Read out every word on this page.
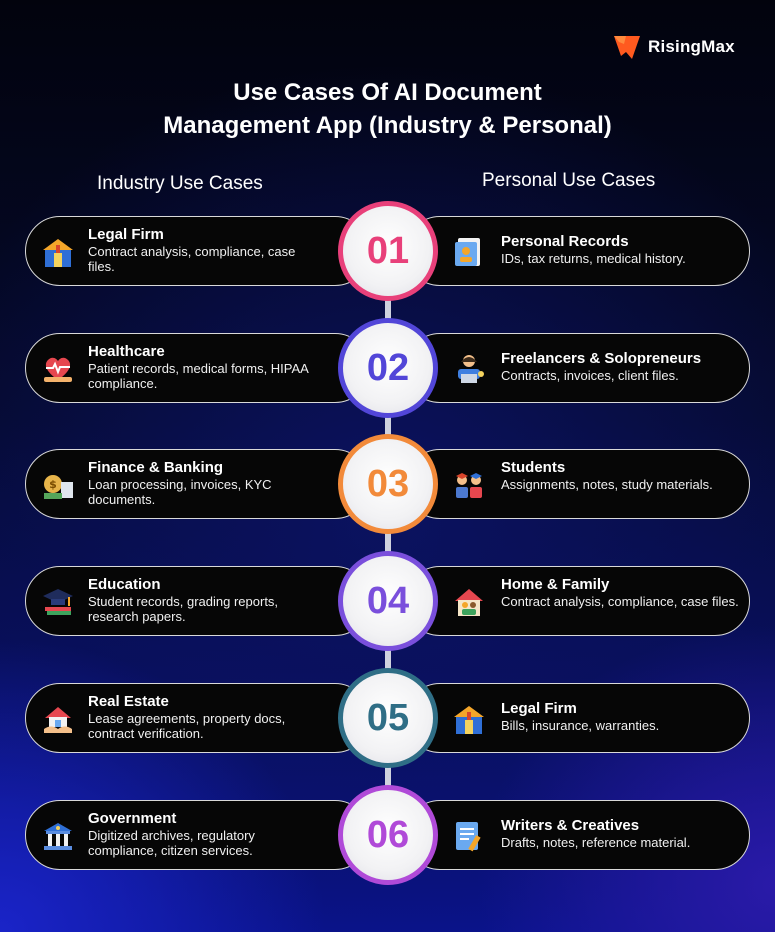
RisingMax
Use Cases Of AI Document
Management App (Industry & Personal)
Industry Use Cases	Personal Use Cases
Legal Firm
Contract analysis, compliance, case files.
Personal Records
IDs, tax returns, medical history.
01
Healthcare
Patient records, medical forms, HIPAA compliance.
Freelancers & Solopreneurs
Contracts, invoices, client files.
02
Finance & Banking
Loan processing, invoices, KYC documents.
Students
Assignments, notes, study materials.
03
Education
Student records, grading reports, research papers.
Home & Family
Contract analysis, compliance, case files.
04
Real Estate
Lease agreements, property docs, contract verification.
Legal Firm
Bills, insurance, warranties.
05
Government
Digitized archives, regulatory compliance, citizen services.
Writers & Creatives
Drafts, notes, reference material.
06
